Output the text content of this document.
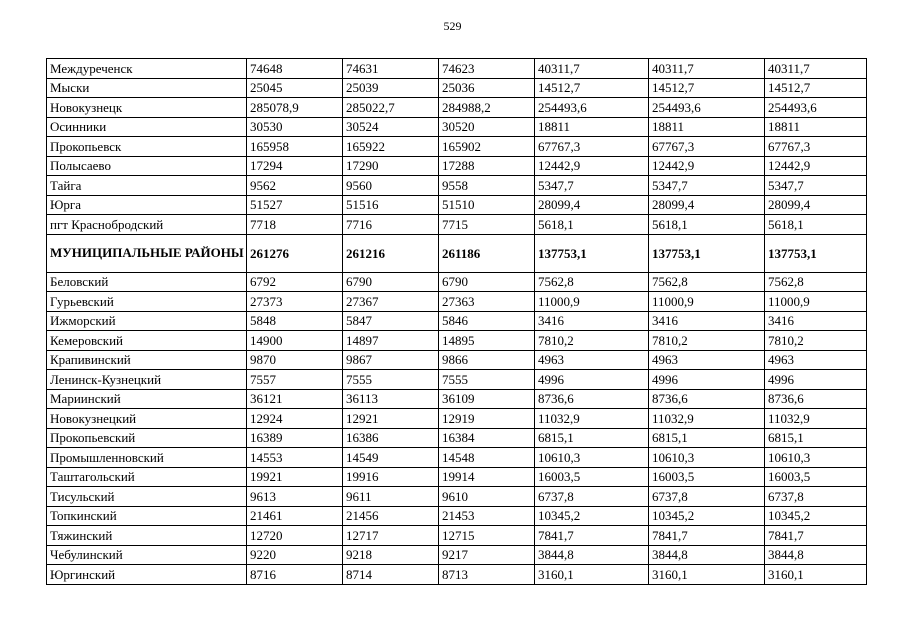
529
Междуреченск	74648	74631	74623	40311,7	40311,7	40311,7
Мыски	25045	25039	25036	14512,7	14512,7	14512,7
Новокузнецк	285078,9	285022,7	284988,2	254493,6	254493,6	254493,6
Осинники	30530	30524	30520	18811	18811	18811
Прокопьевск	165958	165922	165902	67767,3	67767,3	67767,3
Полысаево	17294	17290	17288	12442,9	12442,9	12442,9
Тайга	9562	9560	9558	5347,7	5347,7	5347,7
Юрга	51527	51516	51510	28099,4	28099,4	28099,4
пгт Краснобродский	7718	7716	7715	5618,1	5618,1	5618,1
МУНИЦИПАЛЬНЫЕ РАЙОНЫ	261276	261216	261186	137753,1	137753,1	137753,1
Беловский	6792	6790	6790	7562,8	7562,8	7562,8
Гурьевский	27373	27367	27363	11000,9	11000,9	11000,9
Ижморский	5848	5847	5846	3416	3416	3416
Кемеровский	14900	14897	14895	7810,2	7810,2	7810,2
Крапивинский	9870	9867	9866	4963	4963	4963
Ленинск-Кузнецкий	7557	7555	7555	4996	4996	4996
Мариинский	36121	36113	36109	8736,6	8736,6	8736,6
Новокузнецкий	12924	12921	12919	11032,9	11032,9	11032,9
Прокопьевский	16389	16386	16384	6815,1	6815,1	6815,1
Промышленновский	14553	14549	14548	10610,3	10610,3	10610,3
Таштагольский	19921	19916	19914	16003,5	16003,5	16003,5
Тисульский	9613	9611	9610	6737,8	6737,8	6737,8
Топкинский	21461	21456	21453	10345,2	10345,2	10345,2
Тяжинский	12720	12717	12715	7841,7	7841,7	7841,7
Чебулинский	9220	9218	9217	3844,8	3844,8	3844,8
Юргинский	8716	8714	8713	3160,1	3160,1	3160,1
